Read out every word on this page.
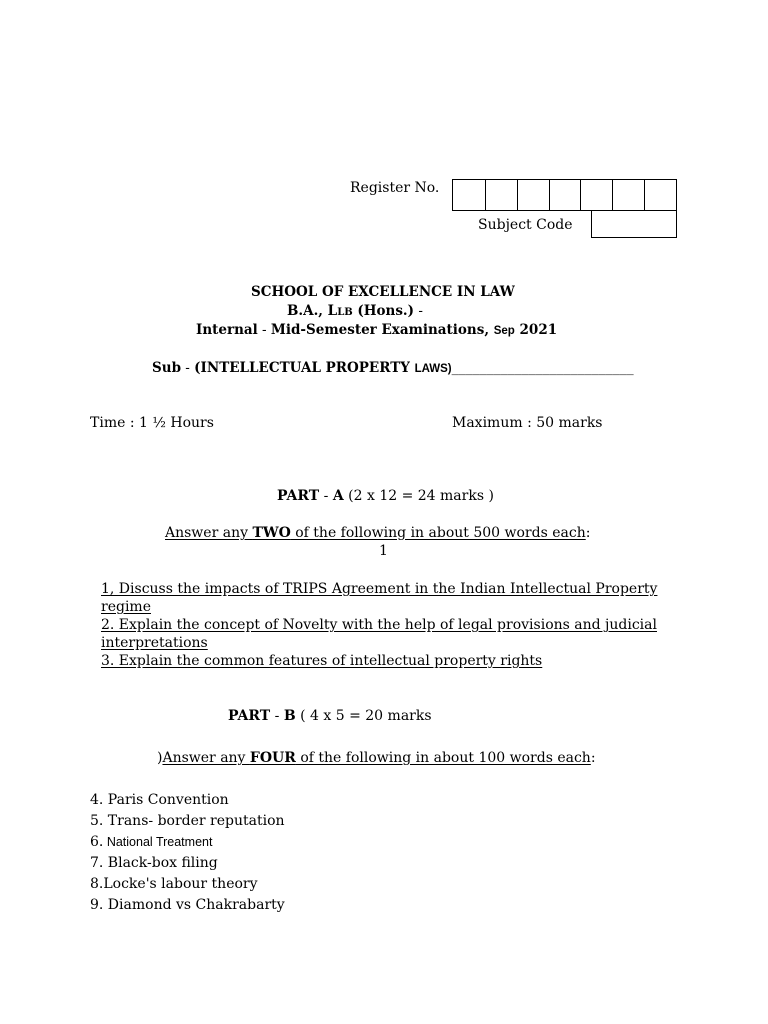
Register No.
Subject Code
SCHOOL OF EXCELLENCE IN LAW
B.A., LLB (Hons.) -
Internal - Mid-Semester Examinations, Sep 2021
Sub - (INTELLECTUAL PROPERTY LAWS)__________________________
Time : 1 ½ Hours	Maximum : 50 marks
PART - A (2 x 12 = 24 marks )
Answer any TWO of the following in about 500 words each:
1
1, Discuss the impacts of TRIPS Agreement in the Indian Intellectual Property regime
2. Explain the concept of Novelty with the help of legal provisions and judicial interpretations
3. Explain the common features of intellectual property rights
PART - B ( 4 x 5 = 20 marks
)Answer any FOUR of the following in about 100 words each:
4. Paris Convention
5. Trans- border reputation
6. National Treatment
7. Black-box filing
8.Locke's labour theory
9. Diamond vs Chakrabarty
